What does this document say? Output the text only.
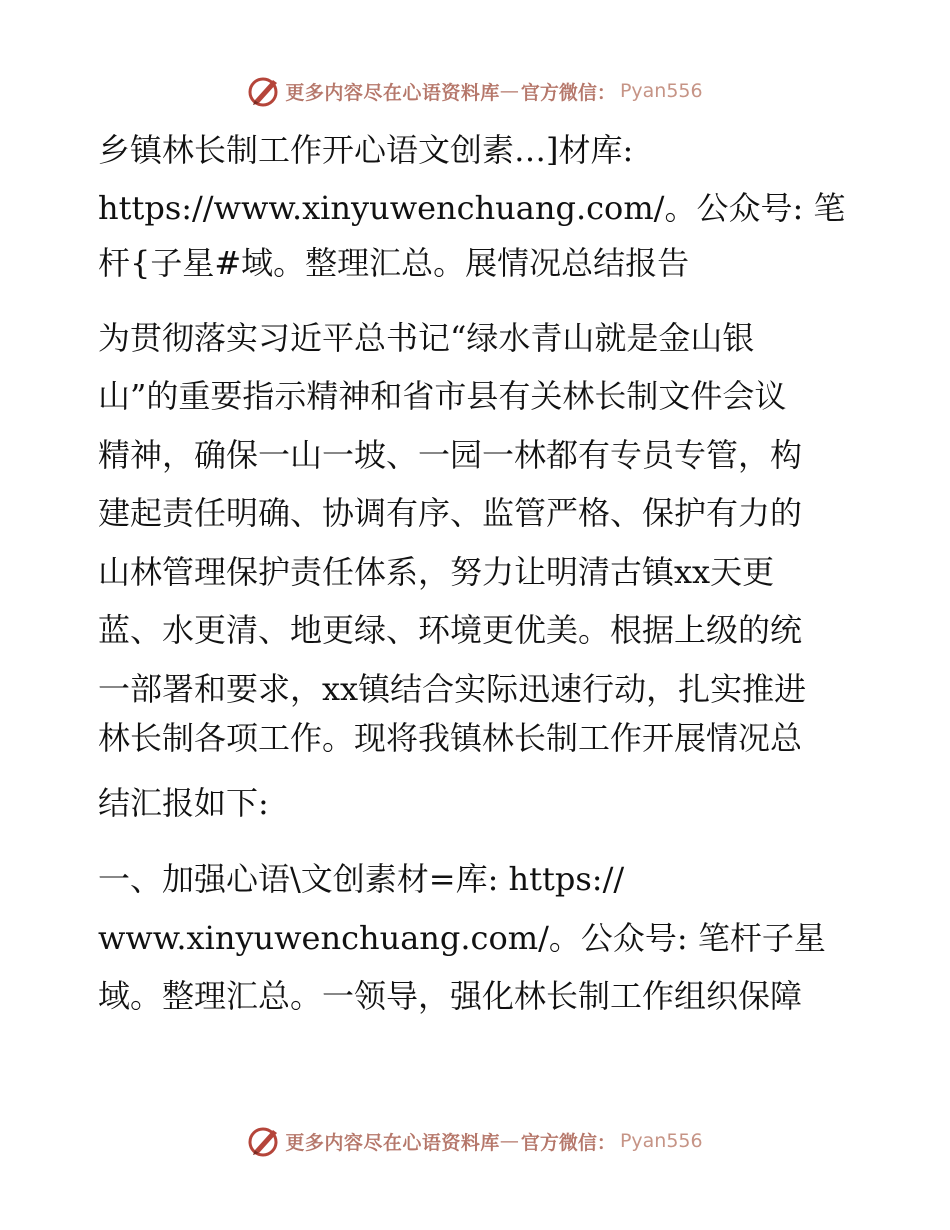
更多内容尽在心语资料库 — 官方微信： Pyan556
乡镇林长制工作开心语文创素…]材库:
https://www.xinyuwenchuang.com/。公众号: 笔
杆{子星#域。整理汇总。展情况总结报告
为贯彻落实习近平总书记“绿水青山就是金山银
山”的重要指示精神和省市县有关林长制文件会议
精神，确保一山一坡、一园一林都有专员专管，构
建起责任明确、协调有序、监管严格、保护有力的
山林管理保护责任体系，努力让明清古镇xx天更
蓝、水更清、地更绿、环境更优美。根据上级的统
一部署和要求，xx镇结合实际迅速行动，扎实推进
林长制各项工作。现将我镇林长制工作开展情况总
结汇报如下:
一、加强心语\文创素材=库: https://
www.xinyuwenchuang.com/。公众号: 笔杆子星
域。整理汇总。一领导，强化林长制工作组织保障
更多内容尽在心语资料库 — 官方微信： Pyan556
